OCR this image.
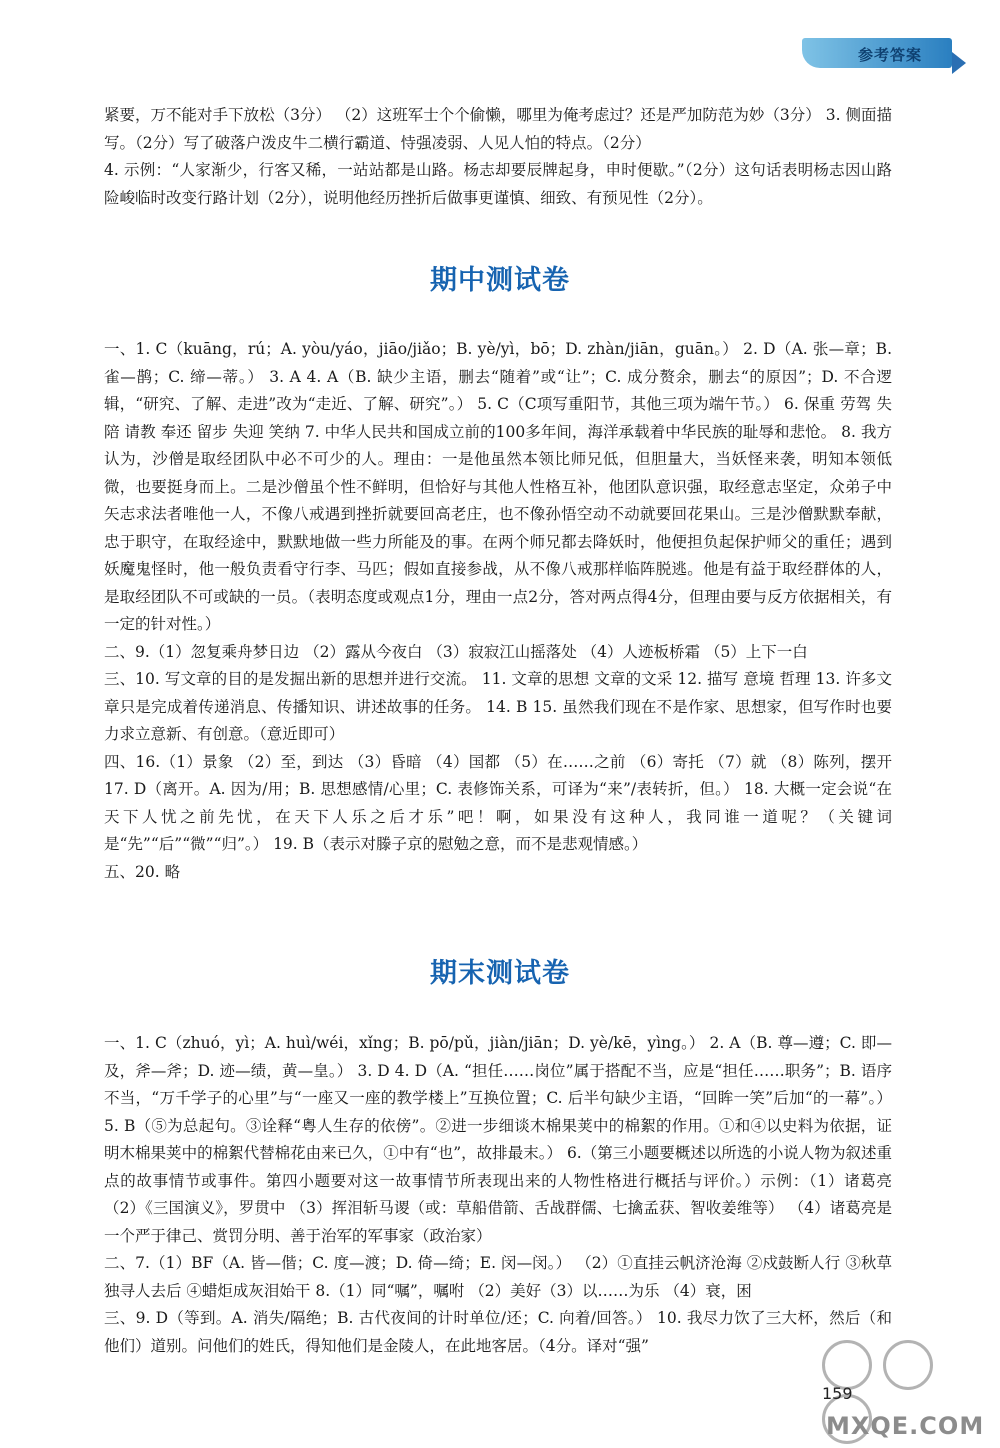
参考答案

紧要，万不能对手下放松（3分） （2）这班军士个个偷懒，哪里为俺考虑过？还是严加防范为妙（3分） 3. 侧面描写。（2分）写了破落户泼皮牛二横行霸道、恃强凌弱、人见人怕的特点。（2分）

4. 示例：“人家渐少，行客又稀，一站站都是山路。杨志却要辰牌起身，申时便歇。”（2分）这句话表明杨志因山路险峻临时改变行路计划（2分），说明他经历挫折后做事更谨慎、细致、有预见性（2分）。

期中测试卷

一、1. C（kuāng，rú；A. yòu/yáo，jiāo/jiǎo；B. yè/yì，bō；D. zhàn/jiān，guān。） 2. D（A. 张—章；B. 雀—鹊；C. 缔—蒂。） 3. A 4. A（B. 缺少主语，删去“随着”或“让”；C. 成分赘余，删去“的原因”；D. 不合逻辑，“研究、了解、走进”改为“走近、了解、研究”。） 5. C（C项写重阳节，其他三项为端午节。） 6. 保重 劳驾 失陪 请教 奉还 留步 失迎 笑纳 7. 中华人民共和国成立前的100多年间，海洋承载着中华民族的耻辱和悲怆。 8. 我方认为，沙僧是取经团队中必不可少的人。理由：一是他虽然本领比师兄低，但胆量大，当妖怪来袭，明知本领低微，也要挺身而上。二是沙僧虽个性不鲜明，但恰好与其他人性格互补，他团队意识强，取经意志坚定，众弟子中矢志求法者唯他一人，不像八戒遇到挫折就要回高老庄，也不像孙悟空动不动就要回花果山。三是沙僧默默奉献，忠于职守，在取经途中，默默地做一些力所能及的事。在两个师兄都去降妖时，他便担负起保护师父的重任；遇到妖魔鬼怪时，他一般负责看守行李、马匹；假如直接参战，从不像八戒那样临阵脱逃。他是有益于取经群体的人，是取经团队不可或缺的一员。（表明态度或观点1分，理由一点2分，答对两点得4分，但理由要与反方依据相关，有一定的针对性。）

二、9.（1）忽复乘舟梦日边 （2）露从今夜白 （3）寂寂江山摇落处 （4）人迹板桥霜 （5）上下一白

三、10. 写文章的目的是发掘出新的思想并进行交流。 11. 文章的思想 文章的文采 12. 描写 意境 哲理 13. 许多文章只是完成着传递消息、传播知识、讲述故事的任务。 14. B 15. 虽然我们现在不是作家、思想家，但写作时也要力求立意新、有创意。（意近即可）

四、16.（1）景象 （2）至，到达 （3）昏暗 （4）国都 （5）在……之前 （6）寄托 （7）就 （8）陈列，摆开 17. D（离开。A. 因为/用；B. 思想感情/心里；C. 表修饰关系，可译为“来”/表转折，但。） 18. 大概一定会说“在天下人忧之前先忧，在天下人乐之后才乐”吧！啊，如果没有这种人，我同谁一道呢？（关键词是“先”“后”“微”“归”。） 19. B（表示对滕子京的慰勉之意，而不是悲观情感。）

五、20. 略

期末测试卷

一、1. C（zhuó，yì；A. huì/wéi，xǐng；B. pō/pǔ，jiàn/jiān；D. yè/kē，yìng。） 2. A（B. 尊—遵；C. 即—及，斧—斧；D. 迹—绩，黄—皇。） 3. D 4. D（A. “担任……岗位”属于搭配不当，应是“担任……职务”；B. 语序不当，“万千学子的心里”与“一座又一座的教学楼上”互换位置；C. 后半句缺少主语，“回眸一笑”后加“的一幕”。） 5. B（⑤为总起句。③诠释“粤人生存的依傍”。②进一步细谈木棉果荚中的棉絮的作用。①和④以史料为依据，证明木棉果荚中的棉絮代替棉花由来已久，①中有“也”，故排最末。） 6.（第三小题要概述以所选的小说人物为叙述重点的故事情节或事件。第四小题要对这一故事情节所表现出来的人物性格进行概括与评价。）示例：（1）诸葛亮 （2）《三国演义》，罗贯中 （3）挥泪斩马谡（或：草船借箭、舌战群儒、七擒孟获、智收姜维等） （4）诸葛亮是一个严于律己、赏罚分明、善于治军的军事家（政治家）

二、7.（1）BF（A. 皆—偕；C. 度—渡；D. 倚—绮；E. 闵—闵。） （2）①直挂云帆济沧海 ②戍鼓断人行 ③秋草独寻人去后 ④蜡炬成灰泪始干 8.（1）同“嘱”，嘱咐 （2）美好（3）以……为乐 （4）衰，困

三、9. D（等到。A. 消失/隔绝；B. 古代夜间的计时单位/还；C. 向着/回答。） 10. 我尽力饮了三大杯，然后（和他们）道别。问他们的姓氏，得知他们是金陵人，在此地客居。（4分。译对“强”

159
MXQE.COM
